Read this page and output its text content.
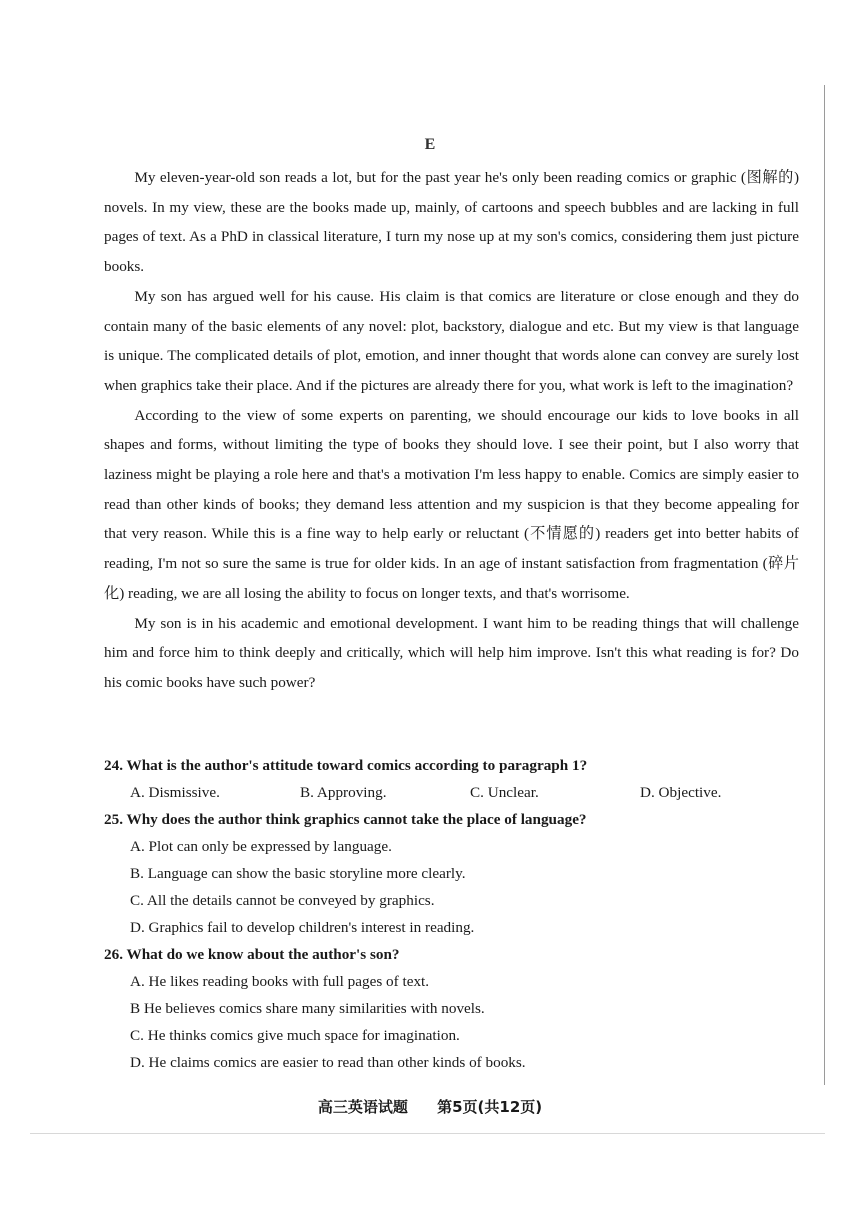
E

My eleven-year-old son reads a lot, but for the past year he's only been reading comics or graphic (图解的) novels. In my view, these are the books made up, mainly, of cartoons and speech bubbles and are lacking in full pages of text. As a PhD in classical literature, I turn my nose up at my son's comics, considering them just picture books.

My son has argued well for his cause. His claim is that comics are literature or close enough and they do contain many of the basic elements of any novel: plot, backstory, dialogue and etc. But my view is that language is unique. The complicated details of plot, emotion, and inner thought that words alone can convey are surely lost when graphics take their place. And if the pictures are already there for you, what work is left to the imagination?

According to the view of some experts on parenting, we should encourage our kids to love books in all shapes and forms, without limiting the type of books they should love. I see their point, but I also worry that laziness might be playing a role here and that's a motivation I'm less happy to enable. Comics are simply easier to read than other kinds of books; they demand less attention and my suspicion is that they become appealing for that very reason. While this is a fine way to help early or reluctant (不情愿的) readers get into better habits of reading, I'm not so sure the same is true for older kids. In an age of instant satisfaction from fragmentation (碎片化) reading, we are all losing the ability to focus on longer texts, and that's worrisome.

My son is in his academic and emotional development. I want him to be reading things that will challenge him and force him to think deeply and critically, which will help him improve. Isn't this what reading is for? Do his comic books have such power?

24. What is the author's attitude toward comics according to paragraph 1?
A. Dismissive.	B. Approving.	C. Unclear.	D. Objective.
25. Why does the author think graphics cannot take the place of language?
A. Plot can only be expressed by language.
B. Language can show the basic storyline more clearly.
C. All the details cannot be conveyed by graphics.
D. Graphics fail to develop children's interest in reading.
26. What do we know about the author's son?
A. He likes reading books with full pages of text.
B He believes comics share many similarities with novels.
C. He thinks comics give much space for imagination.
D. He claims comics are easier to read than other kinds of books.
高三英语试题 第5页(共12页)
